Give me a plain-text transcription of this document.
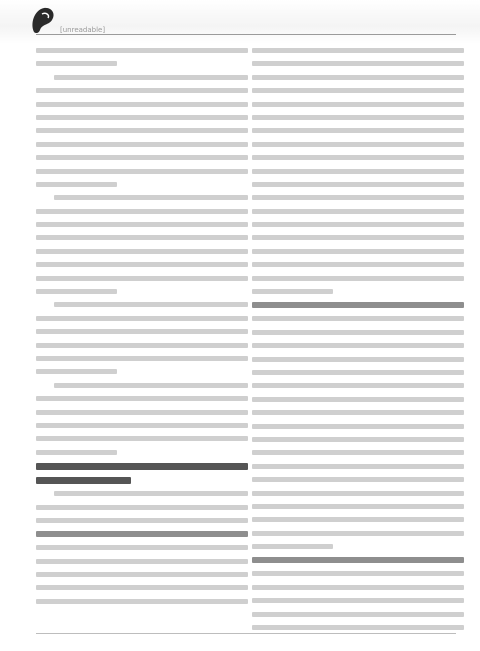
[unreadable]
